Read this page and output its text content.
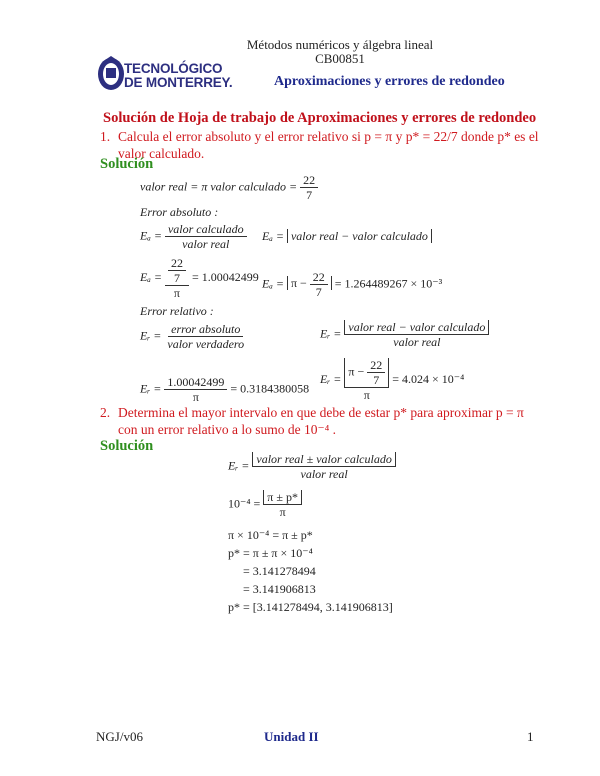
Métodos numéricos y álgebra lineal
CB00851
TECNOLÓGICO
DE MONTERREY.	Aproximaciones y errores de redondeo
Solución de Hoja de trabajo de Aproximaciones y errores de redondeo
1. Calcula el error absoluto y el error relativo si p = π y p* = 22/7 donde p* es el
valor calculado.
Solución
valor real = π valor calculado = $\frac{22}{7}$
Error absoluto :
$E_a = \frac{\text{valor calculado}}{\text{valor real}}$ Eₐ = valor real − valor calculado
$E_a = \frac{\frac{22}{7}}{\pi} = 1.00042499$ $E_a = \pi - \frac{22}{7} = 1.264489267 \times 10^{-3}$
Error relativo :
Eᵣ = $\frac{\text{error absoluto}}{\text{valor verdadero}}$	Eᵣ = $\frac{\text{valor real − valor calculado}}{\text{valor real}}$
Eᵣ = $\frac{1.00042499}{\pi} = 0.3184380058$
Eᵣ = $\frac{\pi - \frac{22}{7}}{\pi} = 4.024 \times 10^{-4}$
2. Determina el mayor intervalo en que debe de estar p* para aproximar p = π
con un error relativo a lo sumo de 10⁻⁴ .
Solución
Eᵣ = $\frac{\text{valor real ± valor calculado}}{\text{valor real}}$
$10^{-4} = \frac{\pi \pm p*}{\pi}$
π × 10⁻⁴ = π ± p*
p* = π ± π × 10⁻⁴
= 3.141278494
= 3.141906813
p* = [3.141278494, 3.141906813]
NGJ/v06	Unidad II	1
